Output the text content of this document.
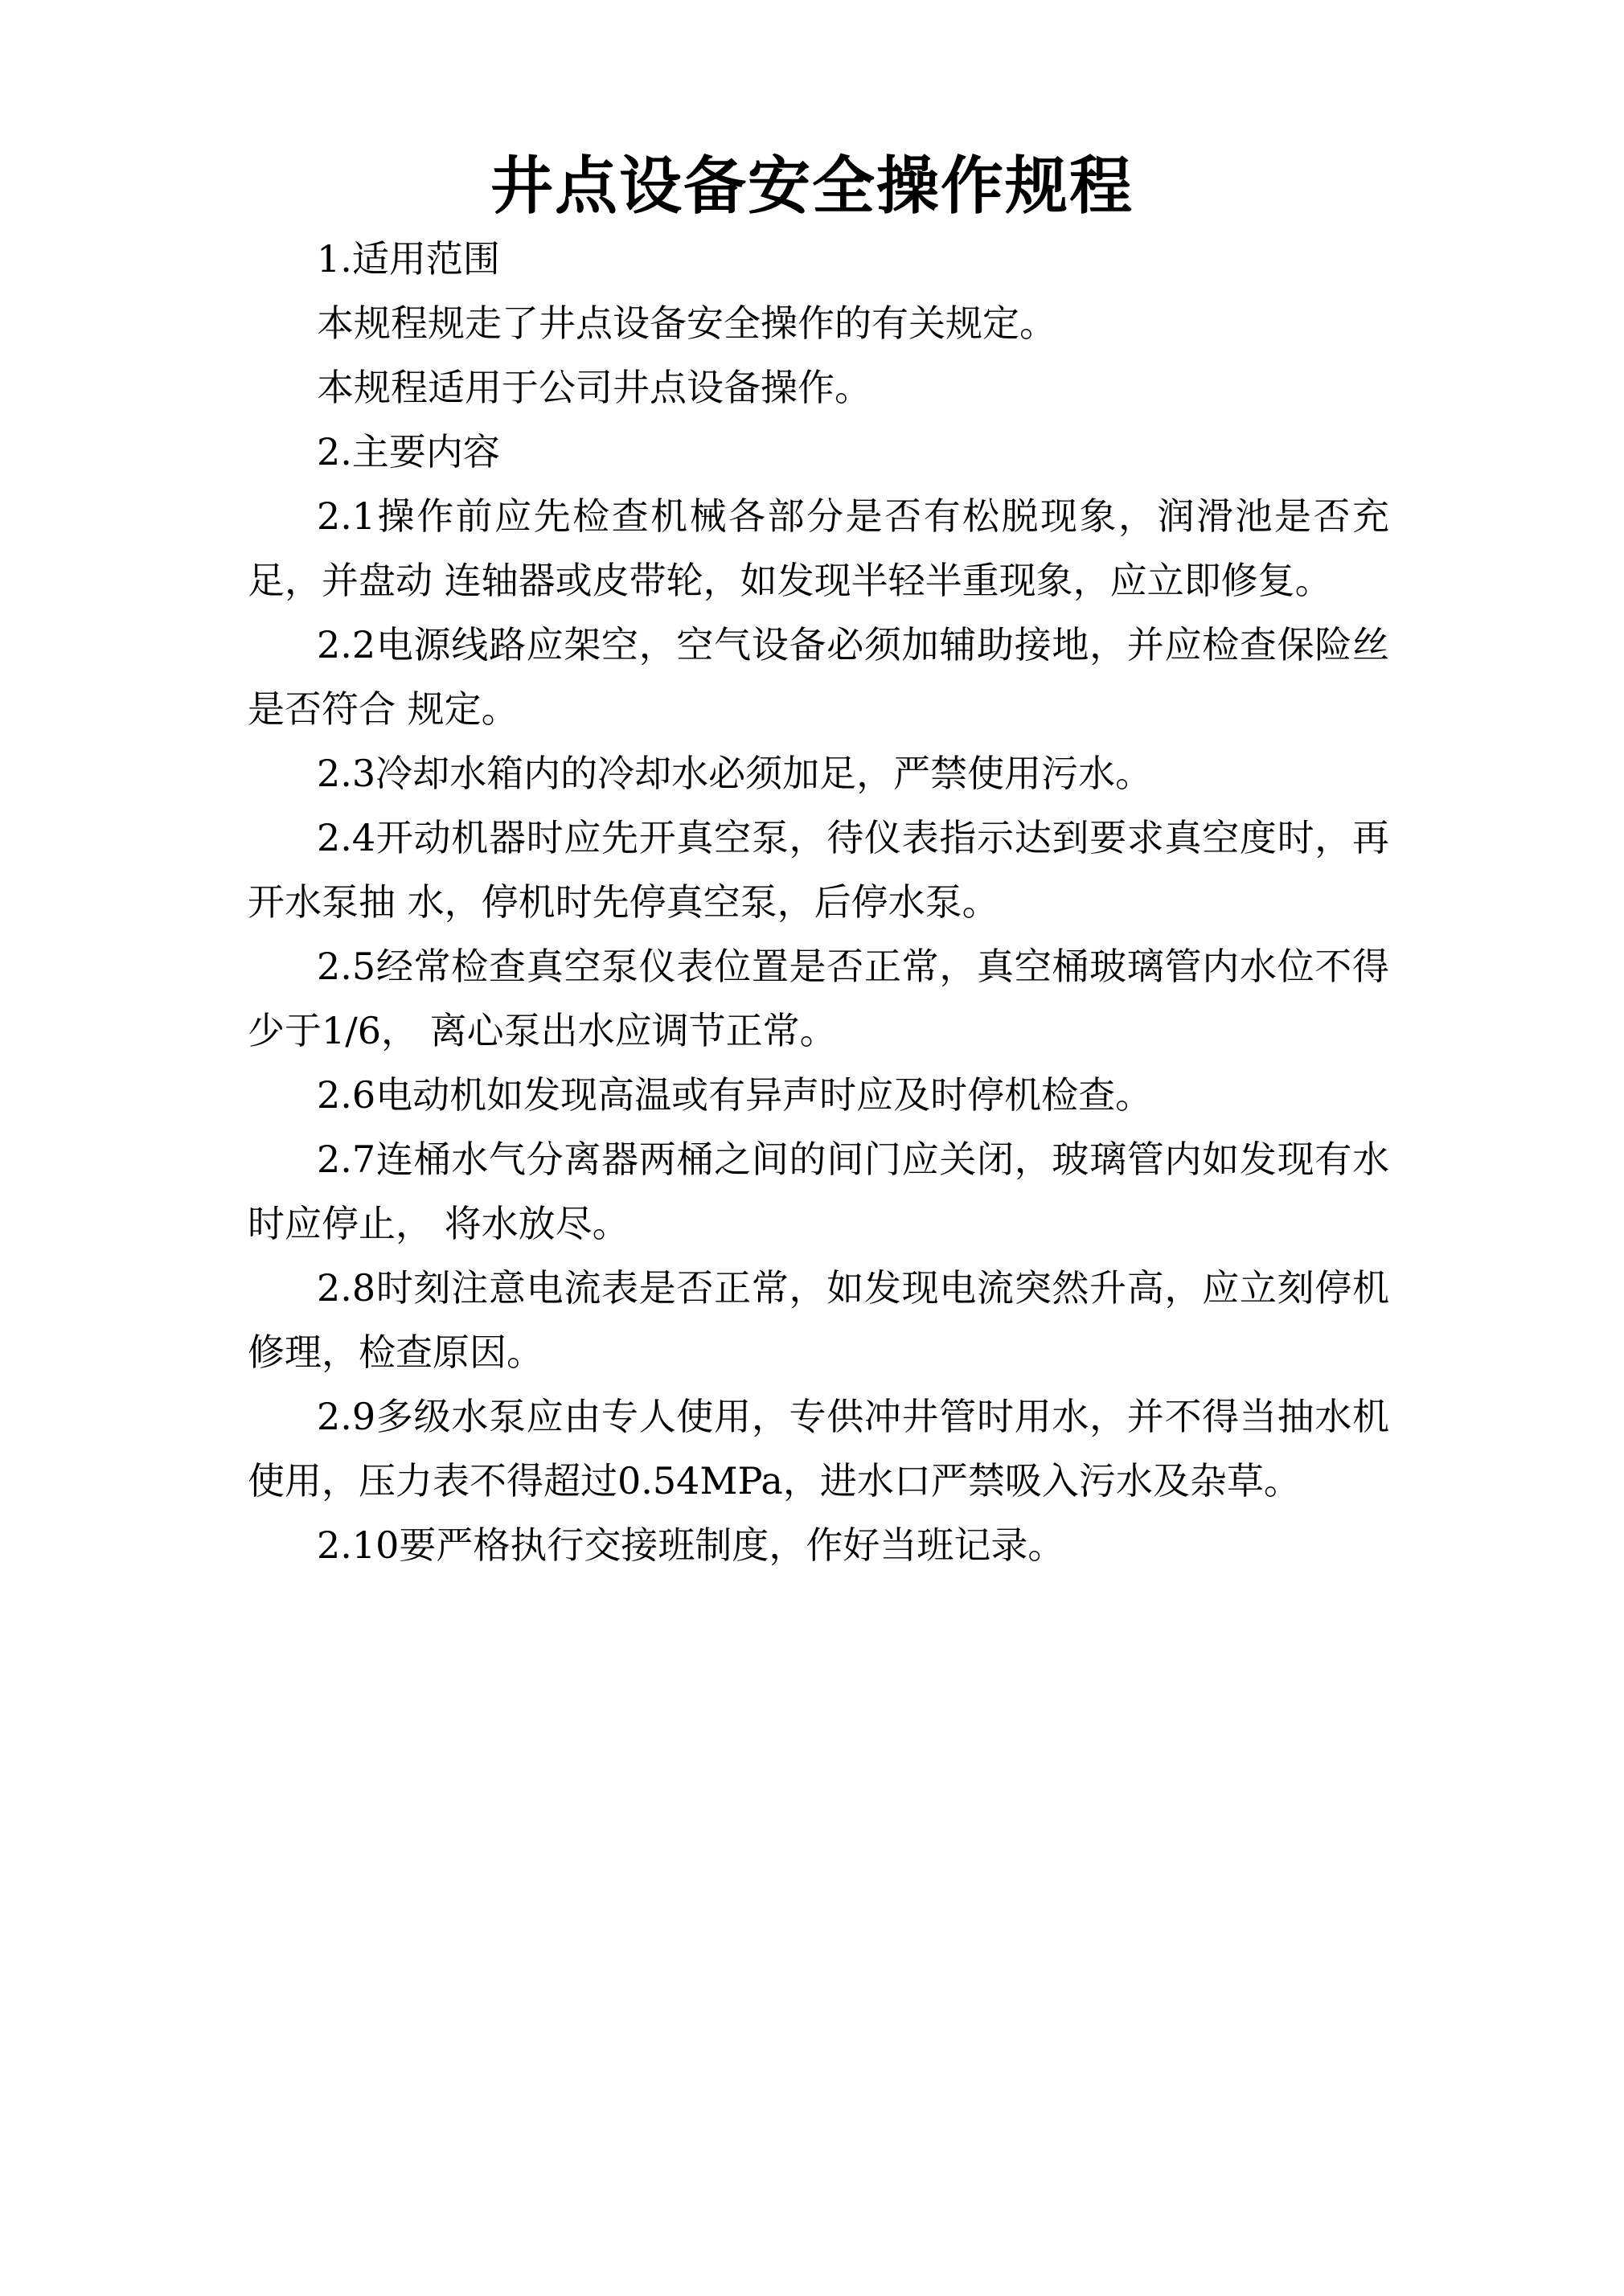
井点设备安全操作规程

1.适用范围

本规程规走了井点设备安全操作的有关规定。

本规程适用于公司井点设备操作。

2.主要内容

2.1操作前应先检查机械各部分是否有松脱现象，润滑池是否充足，并盘动 连轴器或皮带轮，如发现半轻半重现象，应立即修复。

2.2电源线路应架空，空气设备必须加辅助接地，并应检查保险丝是否符合 规定。

2.3冷却水箱内的冷却水必须加足，严禁使用污水。

2.4开动机器时应先开真空泵，待仪表指示达到要求真空度时，再开水泵抽 水，停机时先停真空泵，后停水泵。

2.5经常检查真空泵仪表位置是否正常，真空桶玻璃管内水位不得少于1/6， 离心泵出水应调节正常。

2.6电动机如发现高温或有异声时应及时停机检查。

2.7连桶水气分离器两桶之间的间门应关闭，玻璃管内如发现有水时应停止， 将水放尽。

2.8时刻注意电流表是否正常，如发现电流突然升高，应立刻停机修理，检查原因。

2.9多级水泵应由专人使用，专供冲井管时用水，并不得当抽水机使用，压力表不得超过0.54MPa，进水口严禁吸入污水及杂草。

2.10要严格执行交接班制度，作好当班记录。
